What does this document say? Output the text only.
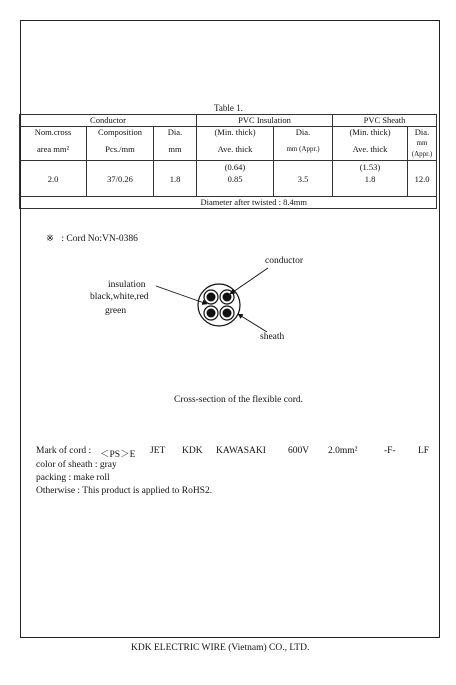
Table 1.
Conductor			PVC Insulation		PVC Sheath	
Nom.cross	Composition	Dia.	(Min. thick)	Dia.	(Min. thick)	Dia.
area mm²	Pcs./mm	mm	Ave. thick	mm (Appr.)	Ave. thick	mm (Appr.)
			(0.64)		(1.53)	
2.0	37/0.26	1.8	0.85	3.5	1.8	12.0
			Diameter after twisted : 8.4mm			
※ : Cord No:VN-0386
conductor
insulation
black,white,red
green
sheath
Cross-section of the flexible cord.
Mark of cord : ＜PS＞E JET KDK KAWASAKI 600V 2.0mm²	-F- LF
color of sheath : gray
packing : make roll
Otherwise : This product is applied to RoHS2.
KDK ELECTRIC WIRE (Vietnam) CO., LTD.
